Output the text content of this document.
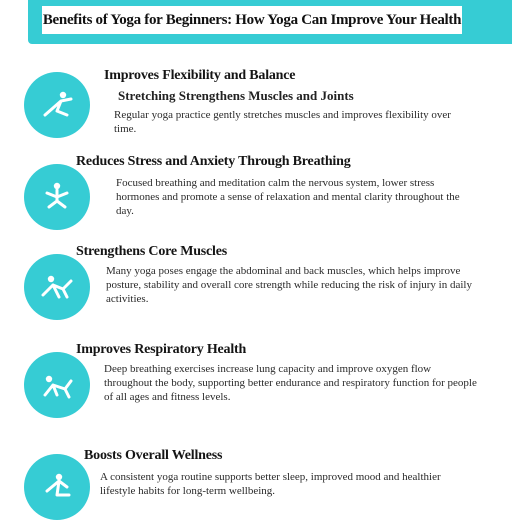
Benefits of Yoga for Beginners: How Yoga Can Improve Your Health
Improves Flexibility and Balance
Stretching Strengthens Muscles and Joints
Regular yoga practice gently stretches muscles and improves flexibility over time.
Reduces Stress and Anxiety Through Breathing
Focused breathing and meditation calm the nervous system, lower stress hormones and promote a sense of relaxation and mental clarity throughout the day.
Strengthens Core Muscles
Many yoga poses engage the abdominal and back muscles, which helps improve posture, stability and overall core strength while reducing the risk of injury in daily activities.
Improves Respiratory Health
Deep breathing exercises increase lung capacity and improve oxygen flow throughout the body, supporting better endurance and respiratory function for people of all ages and fitness levels.
Boosts Overall Wellness
A consistent yoga routine supports better sleep, improved mood and healthier lifestyle habits for long-term wellbeing.
